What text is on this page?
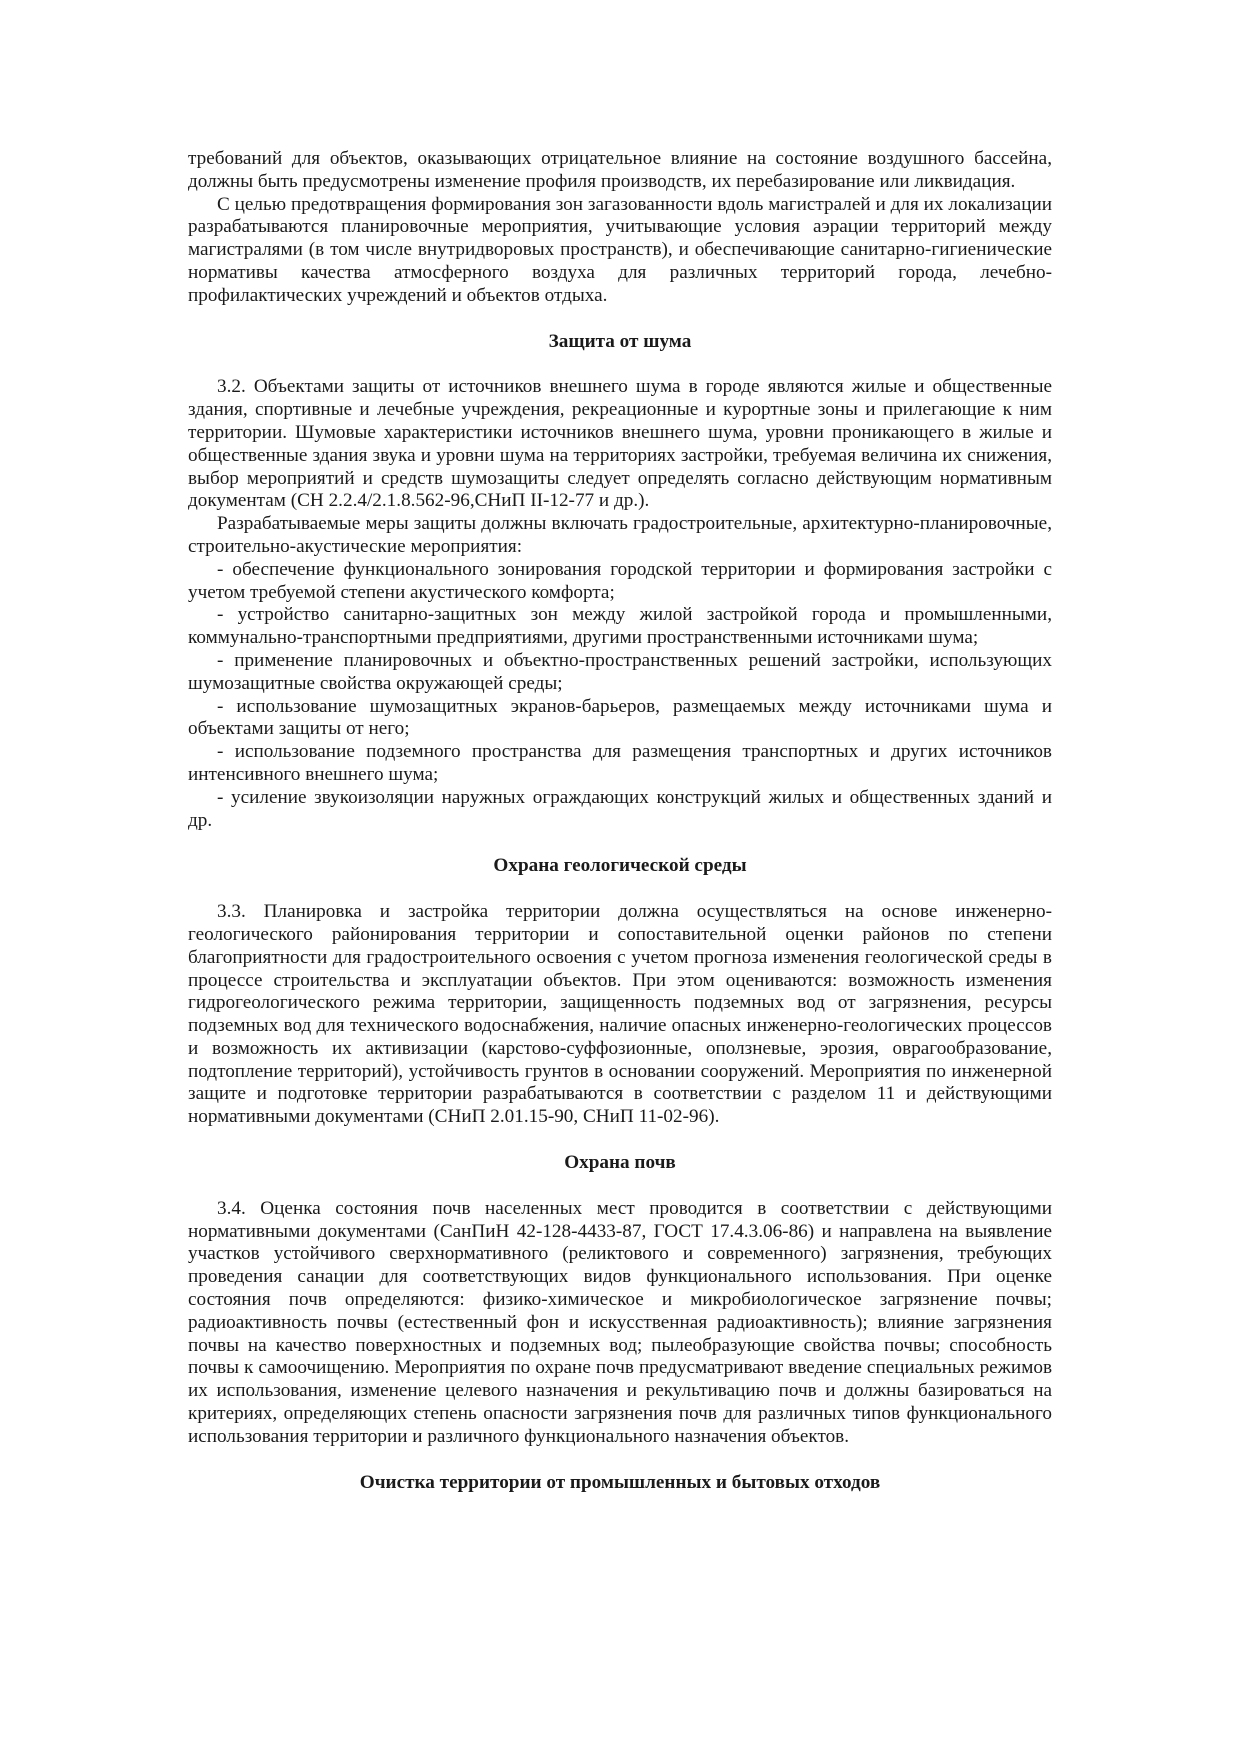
требований для объектов, оказывающих отрицательное влияние на состояние воздушного бассейна, должны быть предусмотрены изменение профиля производств, их перебазирование или ликвидация.

С целью предотвращения формирования зон загазованности вдоль магистралей и для их локализации разрабатываются планировочные мероприятия, учитывающие условия аэрации территорий между магистралями (в том числе внутридворовых пространств), и обеспечивающие санитарно-гигиенические нормативы качества атмосферного воздуха для различных территорий города, лечебно-профилактических учреждений и объектов отдыха.

Защита от шума

3.2. Объектами защиты от источников внешнего шума в городе являются жилые и общественные здания, спортивные и лечебные учреждения, рекреационные и курортные зоны и прилегающие к ним территории. Шумовые характеристики источников внешнего шума, уровни проникающего в жилые и общественные здания звука и уровни шума на территориях застройки, требуемая величина их снижения, выбор мероприятий и средств шумозащиты следует определять согласно действующим нормативным документам (СН 2.2.4/2.1.8.562-96,СНиП II-12-77 и др.).

Разрабатываемые меры защиты должны включать градостроительные, архитектурно-планировочные, строительно-акустические мероприятия:

- обеспечение функционального зонирования городской территории и формирования застройки с учетом требуемой степени акустического комфорта;

- устройство санитарно-защитных зон между жилой застройкой города и промышленными, коммунально-транспортными предприятиями, другими пространственными источниками шума;

- применение планировочных и объектно-пространственных решений застройки, использующих шумозащитные свойства окружающей среды;

- использование шумозащитных экранов-барьеров, размещаемых между источниками шума и объектами защиты от него;

- использование подземного пространства для размещения транспортных и других источников интенсивного внешнего шума;

- усиление звукоизоляции наружных ограждающих конструкций жилых и общественных зданий и др.

Охрана геологической среды

3.3. Планировка и застройка территории должна осуществляться на основе инженерно-геологического районирования территории и сопоставительной оценки районов по степени благоприятности для градостроительного освоения с учетом прогноза изменения геологической среды в процессе строительства и эксплуатации объектов. При этом оцениваются: возможность изменения гидрогеологического режима территории, защищенность подземных вод от загрязнения, ресурсы подземных вод для технического водоснабжения, наличие опасных инженерно-геологических процессов и возможность их активизации (карстово-суффозионные, оползневые, эрозия, оврагообразование, подтопление территорий), устойчивость грунтов в основании сооружений. Мероприятия по инженерной защите и подготовке территории разрабатываются в соответствии с разделом 11 и действующими нормативными документами (СНиП 2.01.15-90, СНиП 11-02-96).

Охрана почв

3.4. Оценка состояния почв населенных мест проводится в соответствии с действующими нормативными документами (СанПиН 42-128-4433-87, ГОСТ 17.4.3.06-86) и направлена на выявление участков устойчивого сверхнормативного (реликтового и современного) загрязнения, требующих проведения санации для соответствующих видов функционального использования. При оценке состояния почв определяются: физико-химическое и микробиологическое загрязнение почвы; радиоактивность почвы (естественный фон и искусственная радиоактивность); влияние загрязнения почвы на качество поверхностных и подземных вод; пылеобразующие свойства почвы; способность почвы к самоочищению. Мероприятия по охране почв предусматривают введение специальных режимов их использования, изменение целевого назначения и рекультивацию почв и должны базироваться на критериях, определяющих степень опасности загрязнения почв для различных типов функционального использования территории и различного функционального назначения объектов.

Очистка территории от промышленных и бытовых отходов
